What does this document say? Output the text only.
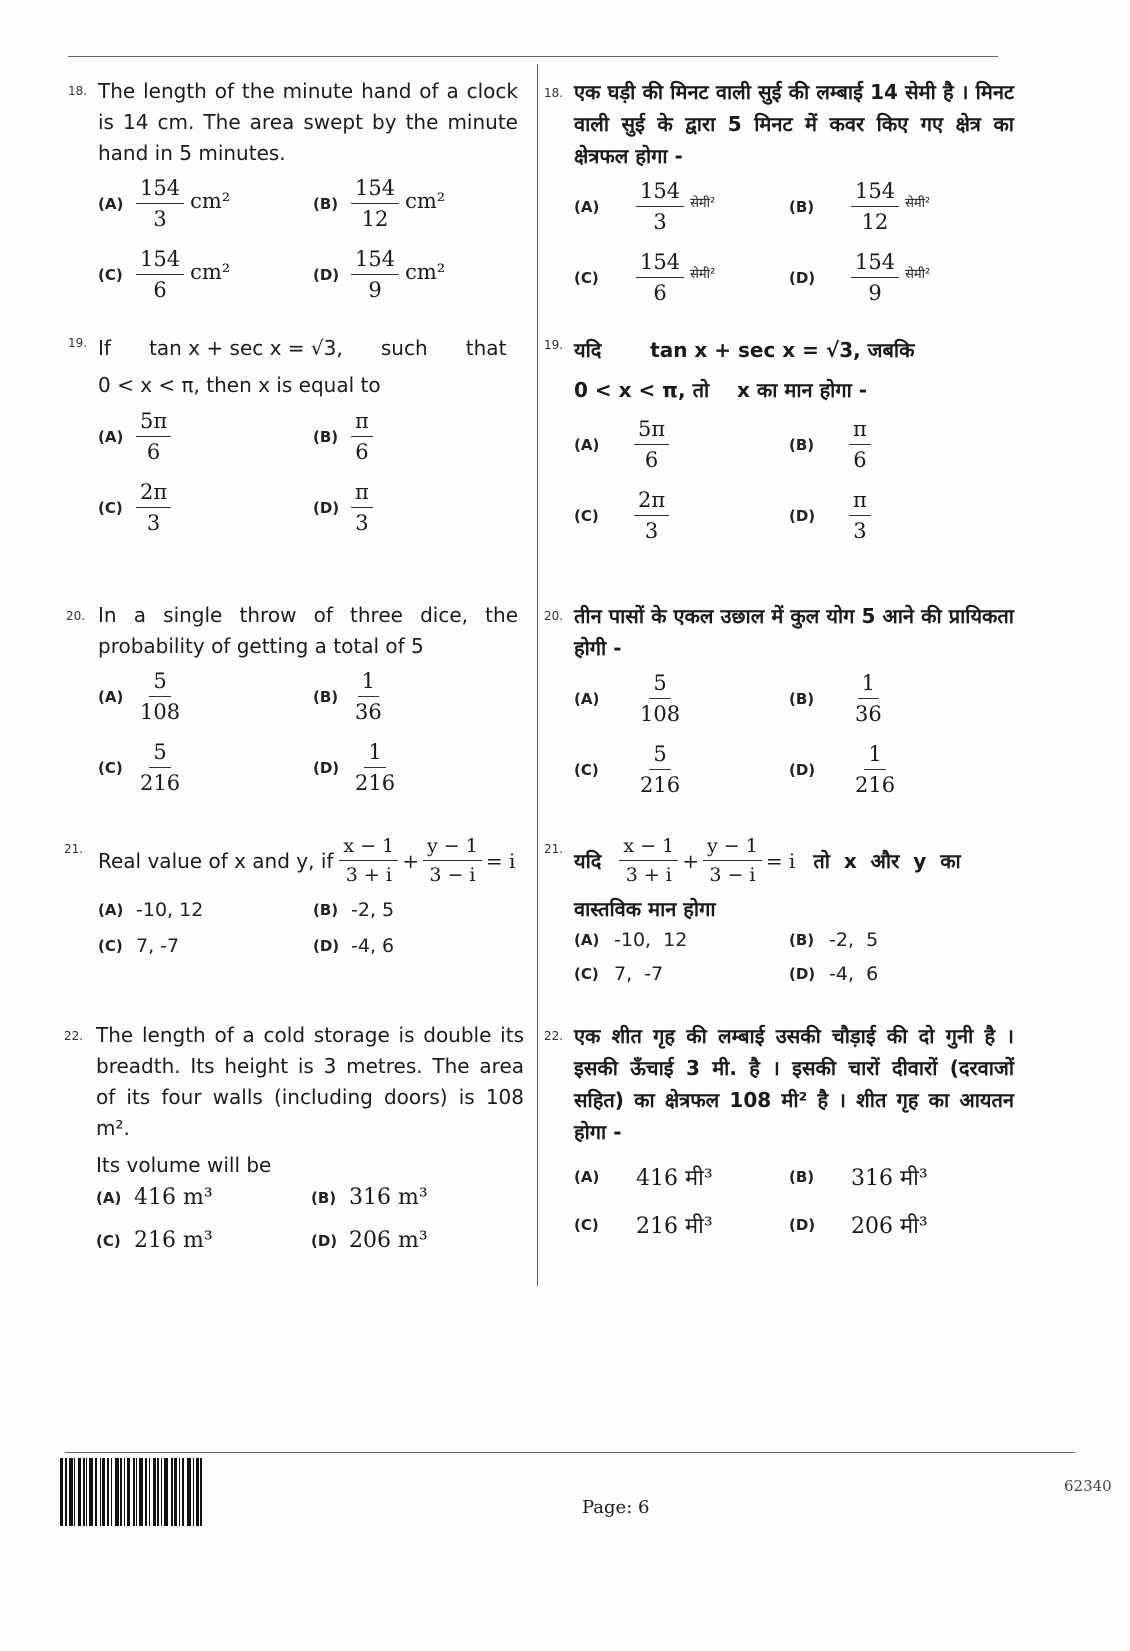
18. The length of the minute hand of a clock is 14 cm. The area swept by the minute hand in 5 minutes.
$(A) \frac{154}{3} cm^2$	$(B) \frac{154}{12} cm^2$
$(C) \frac{154}{6} cm^2$	$(D) \frac{154}{9} cm^2$
18. एक घड़ी की मिनट वाली सुई की लम्बाई 14 सेमी है । मिनट वाली सुई के द्वारा 5 मिनट में कवर किए गए क्षेत्र का क्षेत्रफल होगा -
(A)	$\frac{154}{3}$ सेमी²	(B)	$\frac{154}{12}$ सेमी²
(C)	$\frac{154}{6}$ सेमी²	(D)	$\frac{154}{9}$ सेमी²
19. If      tan x + sec x = √3,      such      that
0 < x < π, then x is equal to
$(A) \frac{5\pi}{6}$	$(B) \frac{\pi}{6}$
$(C) \frac{2\pi}{3}$	$(D) \frac{\pi}{3}$
19. यदि       tan x + sec x = √3, जबकि
0 < x < π, तो    x का मान होगा -
(A)	$\frac{5\pi}{6}$	(B)	$\frac{\pi}{6}$
(C)	$\frac{2\pi}{3}$	(D)	$\frac{\pi}{3}$
20. In a single throw of three dice, the probability of getting a total of 5
$(A) \frac{5}{108}$	$(B) \frac{1}{36}$
$(C) \frac{5}{216}$	$(D) \frac{1}{216}$
20. तीन पासों के एकल उछाल में कुल योग 5 आने की प्रायिकता होगी -
(A)	$\frac{5}{108}$	(B)	$\frac{1}{36}$
(C)	$\frac{5}{216}$	(D)	$\frac{1}{216}$
21. Real value of x and y, if $\frac{x - 1}{3 + i} + \frac{y - 1}{3 - i} = i$
(A) -10, 12	(B) -2, 5
(C) 7, -7	(D) -4, 6
21. यदि $\frac{x - 1}{3 + i} + \frac{y - 1}{3 - i} = i$ तो  x  और  y  का
वास्तविक मान होगा
(A) -10,  12	(B) -2,  5
(C) 7,  -7	(D) -4,  6
22. The length of a cold storage is double its breadth. Its height is 3 metres. The area of its four walls (including doors) is 108 m².
Its volume will be
(A) 416 m³	(B) 316 m³
(C) 216 m³	(D) 206 m³
22. एक शीत गृह की लम्बाई उसकी चौड़ाई की दो गुनी है । इसकी ऊँचाई 3 मी. है । इसकी चारों दीवारों (दरवाजों सहित) का क्षेत्रफल 108 मी² है । शीत गृह का आयतन होगा -
(A)	416 मी³	(B)	316 मी³
(C)	216 मी³	(D)	206 मी³
Page: 6
62340
